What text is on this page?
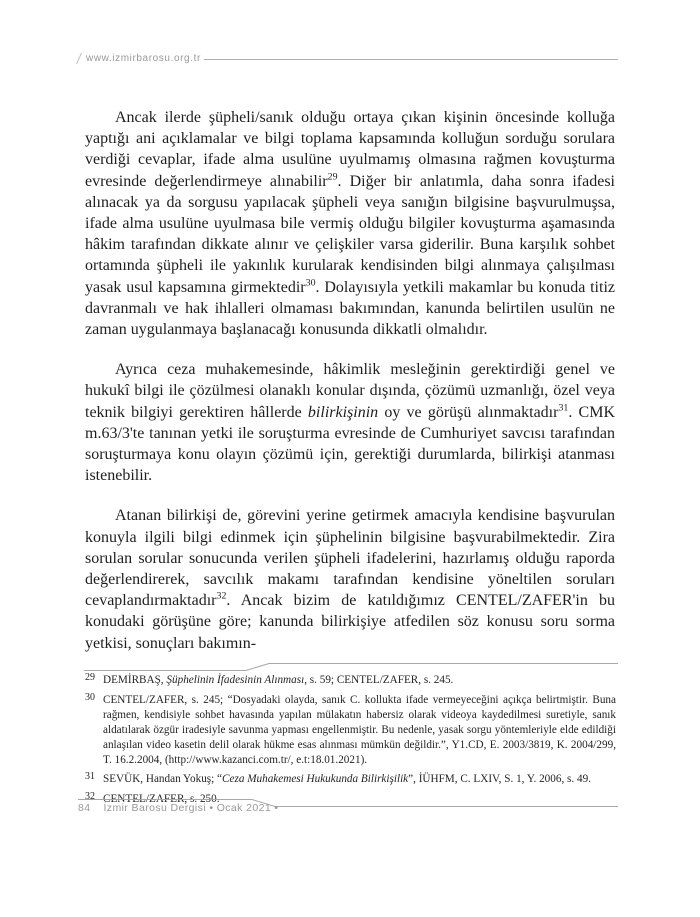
www.izmirbarosu.org.tr

Ancak ilerde şüpheli/sanık olduğu ortaya çıkan kişinin öncesinde kolluğa yaptığı ani açıklamalar ve bilgi toplama kapsamında kolluğun sorduğu sorulara verdiği cevaplar, ifade alma usulüne uyulmamış olmasına rağmen kovuşturma evresinde değerlendirmeye alınabilir$^{29}$. Diğer bir anlatımla, daha sonra ifadesi alınacak ya da sorgusu yapılacak şüpheli veya sanığın bilgisine başvurulmuşsa, ifade alma usulüne uyulmasa bile vermiş olduğu bilgiler kovuşturma aşamasında hâkim tarafından dikkate alınır ve çelişkiler varsa giderilir. Buna karşılık sohbet ortamında şüpheli ile yakınlık kurularak kendisinden bilgi alınmaya çalışılması yasak usul kapsamına girmektedir$^{30}$. Dolayısıyla yetkili makamlar bu konuda titiz davranmalı ve hak ihlalleri olmaması bakımından, kanunda belirtilen usulün ne zaman uygulanmaya başlanacağı konusunda dikkatli olmalıdır.

Ayrıca ceza muhakemesinde, hâkimlik mesleğinin gerektirdiği genel ve hukukî bilgi ile çözülmesi olanaklı konular dışında, çözümü uzmanlığı, özel veya teknik bilgiyi gerektiren hâllerde bilirkişinin oy ve görüşü alınmaktadır$^{31}$. CMK m.63/3'te tanınan yetki ile soruşturma evresinde de Cumhuriyet savcısı tarafından soruşturmaya konu olayın çözümü için, gerektiği durumlarda, bilirkişi atanması istenebilir.

Atanan bilirkişi de, görevini yerine getirmek amacıyla kendisine başvurulan konuyla ilgili bilgi edinmek için şüphelinin bilgisine başvurabilmektedir. Zira sorulan sorular sonucunda verilen şüpheli ifadelerini, hazırlamış olduğu raporda değerlendirerek, savcılık makamı tarafından kendisine yöneltilen soruları cevaplandırmaktadır$^{32}$. Ancak bizim de katıldığımız CENTEL/ZAFER'in bu konudaki görüşüne göre; kanunda bilirkişiye atfedilen söz konusu soru sorma yetkisi, sonuçları bakımın-

29 DEMİRBAŞ, Şüphelinin İfadesinin Alınması, s. 59; CENTEL/ZAFER, s. 245.
30 CENTEL/ZAFER, s. 245; “Dosyadaki olayda, sanık C. kollukta ifade vermeyeceğini açıkça belirtmiştir. Buna rağmen, kendisiyle sohbet havasında yapılan mülakatın habersiz olarak videoya kaydedilmesi suretiyle, sanık aldatılarak özgür iradesiyle savunma yapması engellenmiştir. Bu nedenle, yasak sorgu yöntemleriyle elde edildiği anlaşılan video kasetin delil olarak hükme esas alınması mümkün değildir.”, Y1.CD, E. 2003/3819, K. 2004/299, T. 16.2.2004, (http://www.kazanci.com.tr/, e.t:18.01.2021).
31 SEVÜK, Handan Yokuş; “Ceza Muhakemesi Hukukunda Bilirkişilik”, İÜHFM, C. LXIV, S. 1, Y. 2006, s. 49.
32 CENTEL/ZAFER, s. 250.
84 İzmir Barosu Dergisi • Ocak 2021 •
